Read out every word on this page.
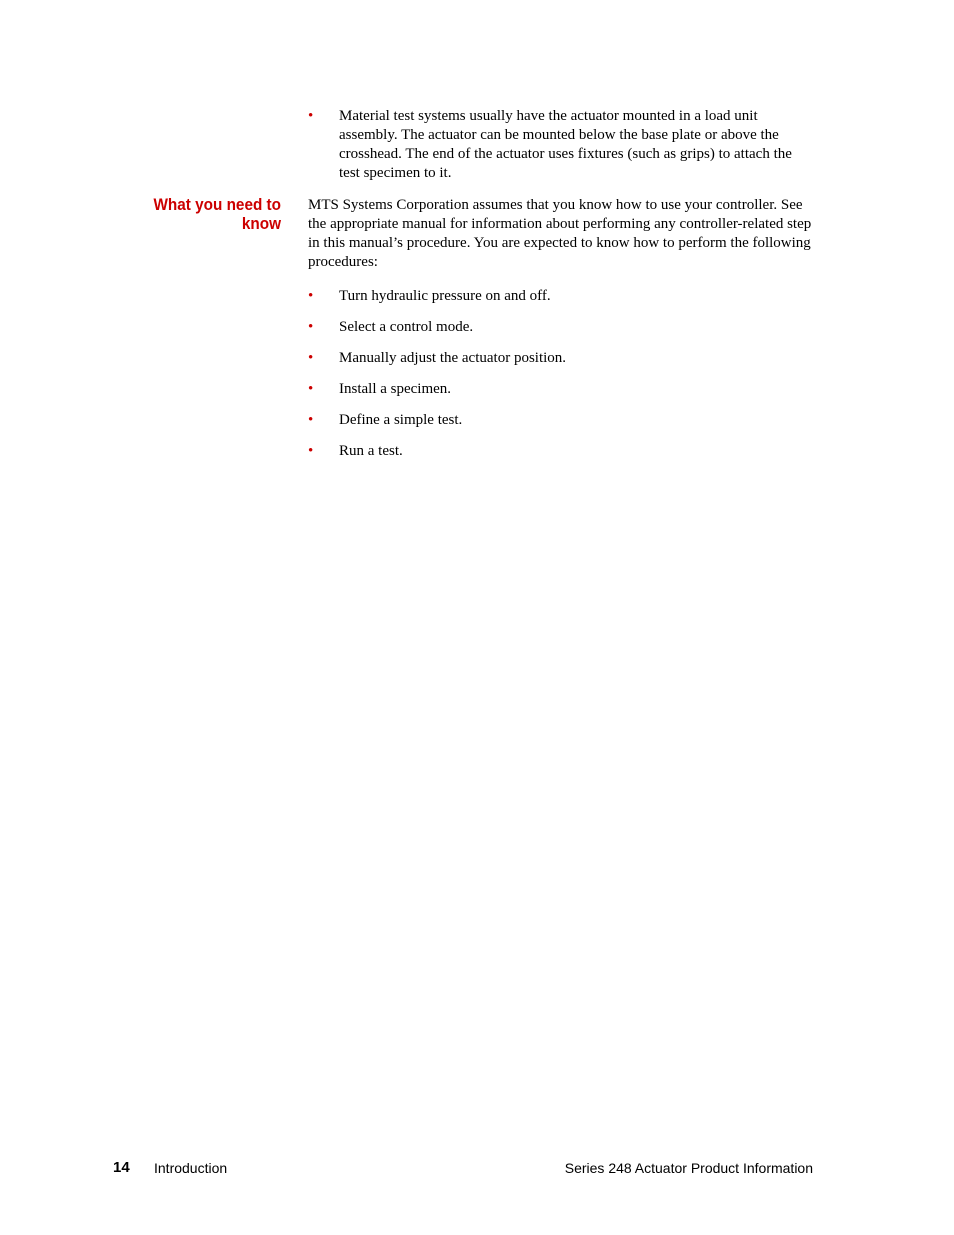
• Material test systems usually have the actuator mounted in a load unit assembly. The actuator can be mounted below the base plate or above the crosshead. The end of the actuator uses fixtures (such as grips) to attach the test specimen to it.
What you need to
know

MTS Systems Corporation assumes that you know how to use your controller. See the appropriate manual for information about performing any controller-related step in this manual’s procedure. You are expected to know how to perform the following procedures:

• Turn hydraulic pressure on and off.
• Select a control mode.
• Manually adjust the actuator position.
• Install a specimen.
• Define a simple test.
• Run a test.
14 Introduction	Series 248 Actuator Product Information
